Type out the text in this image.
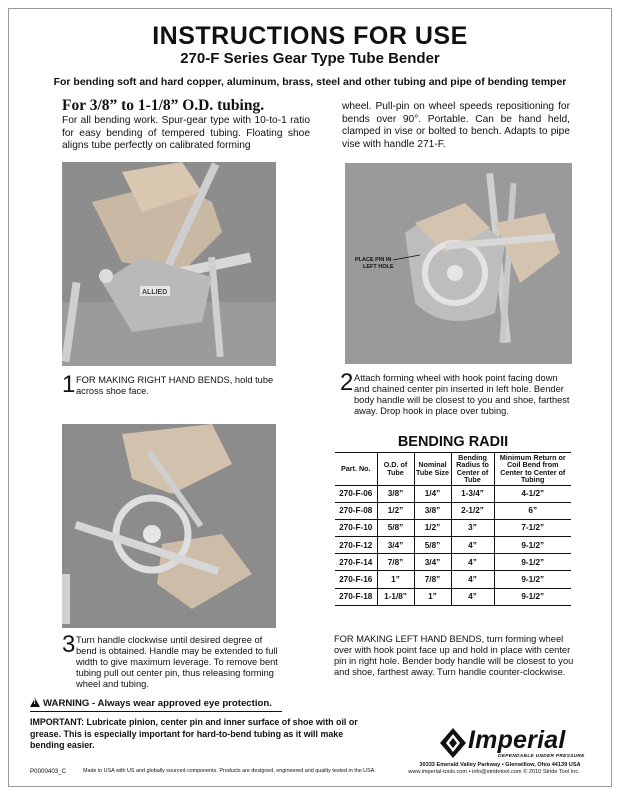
INSTRUCTIONS FOR USE
270-F Series Gear Type Tube Bender
For bending soft and hard copper, aluminum, brass, steel and other tubing and pipe of bending temper
For 3/8” to 1-1/8” O.D. tubing.
For all bending work. Spur-gear type with 10-to-1 ratio for easy bending of tempered tubing. Floating shoe aligns tube perfectly on calibrated forming
wheel. Pull-pin on wheel speeds repositioning for bends over 90°. Portable. Can be hand held, clamped in vise or bolted to bench. Adapts to pipe vise with handle 271-F.
ALLIED
PLACE PIN IN
LEFT HOLE
1 FOR MAKING RIGHT HAND BENDS, hold tube across shoe face.	2 Attach forming wheel with hook point facing down and chained center pin inserted in left hole. Bender body handle will be closest to you and shoe, farthest away. Drop hook in place over tubing.
3 Turn handle clockwise until desired degree of bend is obtained. Handle may be extended to full width to give maximum leverage. To remove bent tubing pull out center pin, thus releasing forming wheel and tubing.
FOR MAKING LEFT HAND BENDS, turn forming wheel over with hook point face up and hold in place with center pin in right hole. Bender body handle will be closest to you and shoe, farthest away. Turn handle counter-clockwise.
BENDING RADII
Part. No.	O.D. of Tube	Nominal Tube Size	Bending Radius to Center of Tube	Minimum Return or Coil Bend from Center to Center of Tubing
270-F-06	3/8”	1/4”	1-3/4”	4-1/2”
270-F-08	1/2”	3/8”	2-1/2”	6”
270-F-10	5/8”	1/2”	3”	7-1/2”
270-F-12	3/4”	5/8”	4”	9-1/2”
270-F-14	7/8”	3/4”	4”	9-1/2”
270-F-16	1”	7/8”	4”	9-1/2”
270-F-18	1-1/8”	1”	4”	9-1/2”
!WARNING - Always wear approved eye protection.
IMPORTANT: Lubricate pinion, center pin and inner surface of shoe with oil or grease. This is especially important for hard-to-bend tubing as it will make bending easier.	Imperial
DEPENDABLE UNDER PRESSURE
30333 Emerald Valley Parkway • Glenwillow, Ohio 44139 USA
www.imperial-tools.com • info@stridetool.com © 2010 Stride Tool Inc.
P0000403_C	Made in USA with US and globally sourced components. Products are designed, engineered and quality tested in the USA.
